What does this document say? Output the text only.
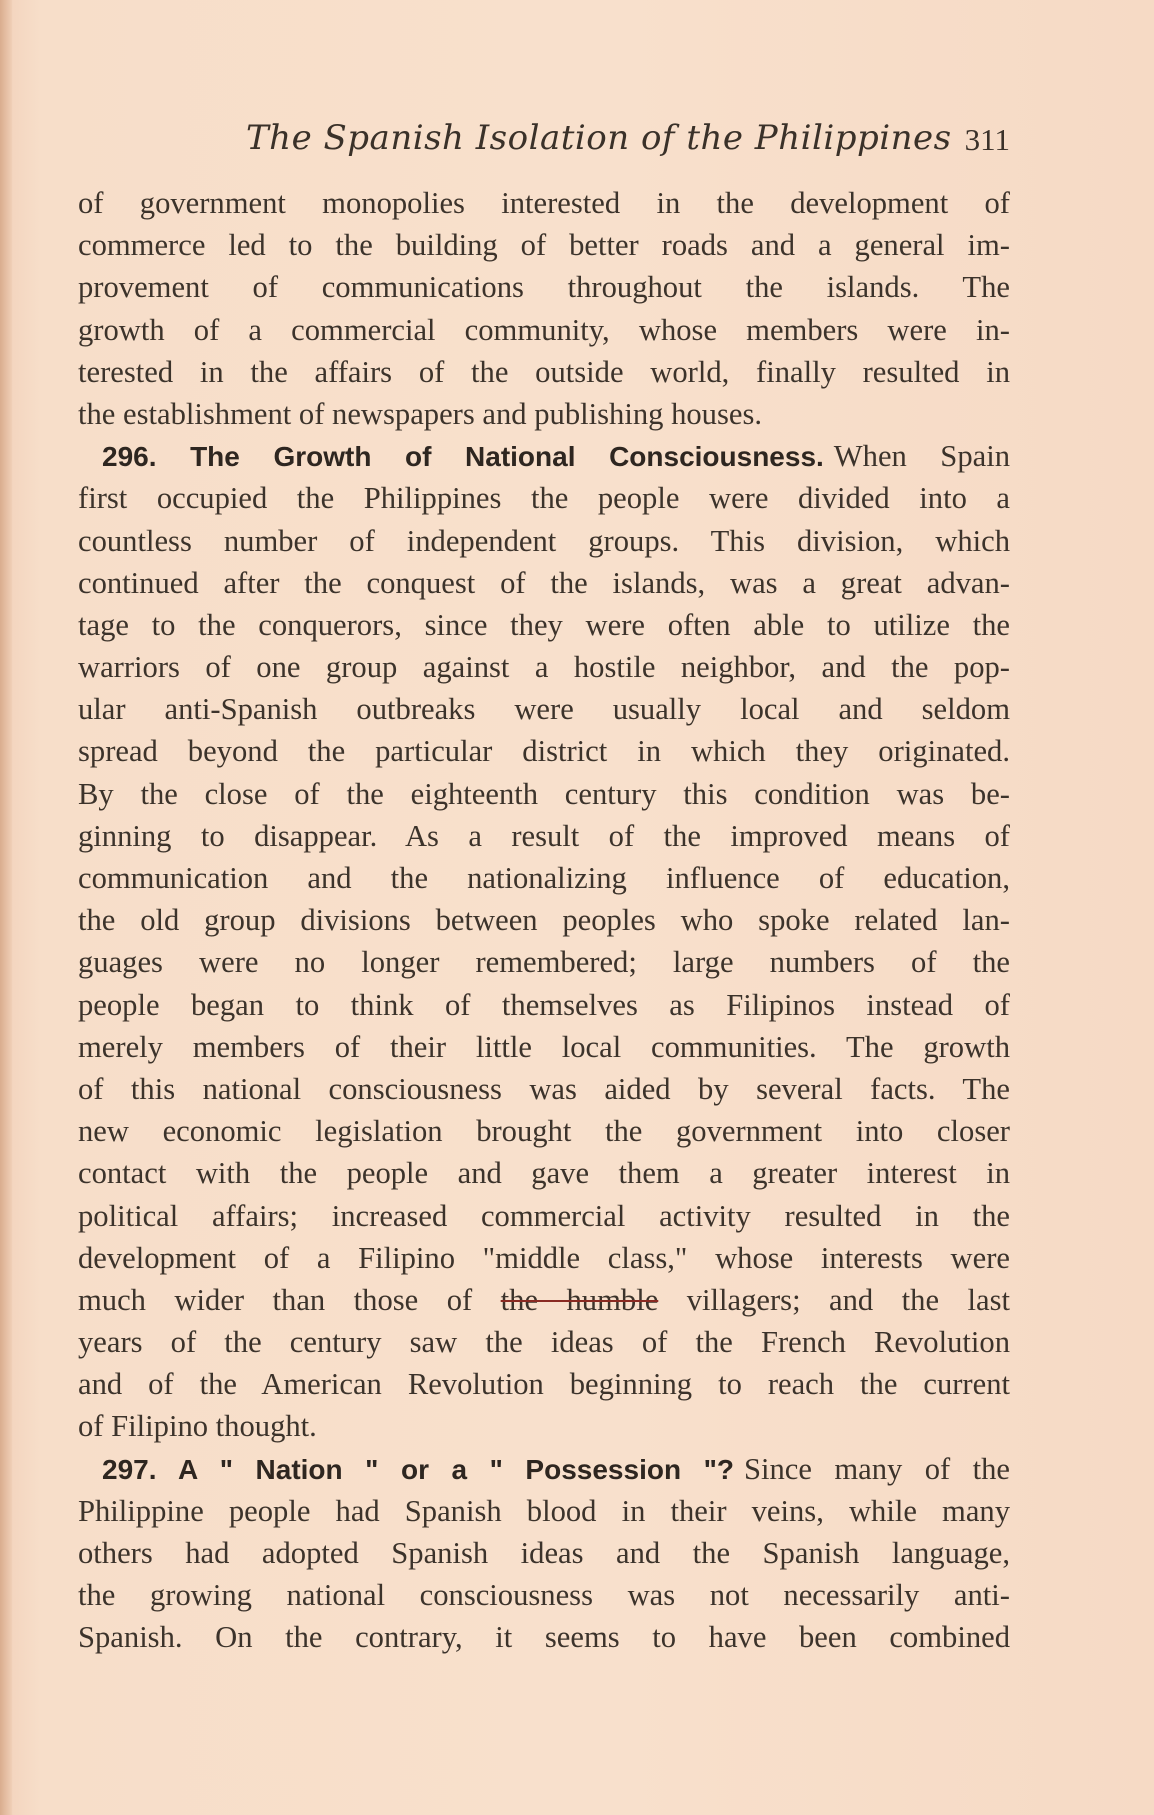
The Spanish Isolation of the Philippines 311
of government monopolies interested in the development of
commerce led to the building of better roads and a general im-
provement of communications throughout the islands. The
growth of a commercial community, whose members were in-
terested in the affairs of the outside world, finally resulted in
the establishment of newspapers and publishing houses.
296. The Growth of National Consciousness. When Spain
first occupied the Philippines the people were divided into a
countless number of independent groups. This division, which
continued after the conquest of the islands, was a great advan-
tage to the conquerors, since they were often able to utilize the
warriors of one group against a hostile neighbor, and the pop-
ular anti-Spanish outbreaks were usually local and seldom
spread beyond the particular district in which they originated.
By the close of the eighteenth century this condition was be-
ginning to disappear. As a result of the improved means of
communication and the nationalizing influence of education,
the old group divisions between peoples who spoke related lan-
guages were no longer remembered; large numbers of the
people began to think of themselves as Filipinos instead of
merely members of their little local communities. The growth
of this national consciousness was aided by several facts. The
new economic legislation brought the government into closer
contact with the people and gave them a greater interest in
political affairs; increased commercial activity resulted in the
development of a Filipino "middle class," whose interests were
much wider than those of the humble villagers; and the last
years of the century saw the ideas of the French Revolution
and of the American Revolution beginning to reach the current
of Filipino thought.
297. A " Nation " or a " Possession "? Since many of the
Philippine people had Spanish blood in their veins, while many
others had adopted Spanish ideas and the Spanish language,
the growing national consciousness was not necessarily anti-
Spanish. On the contrary, it seems to have been combined
